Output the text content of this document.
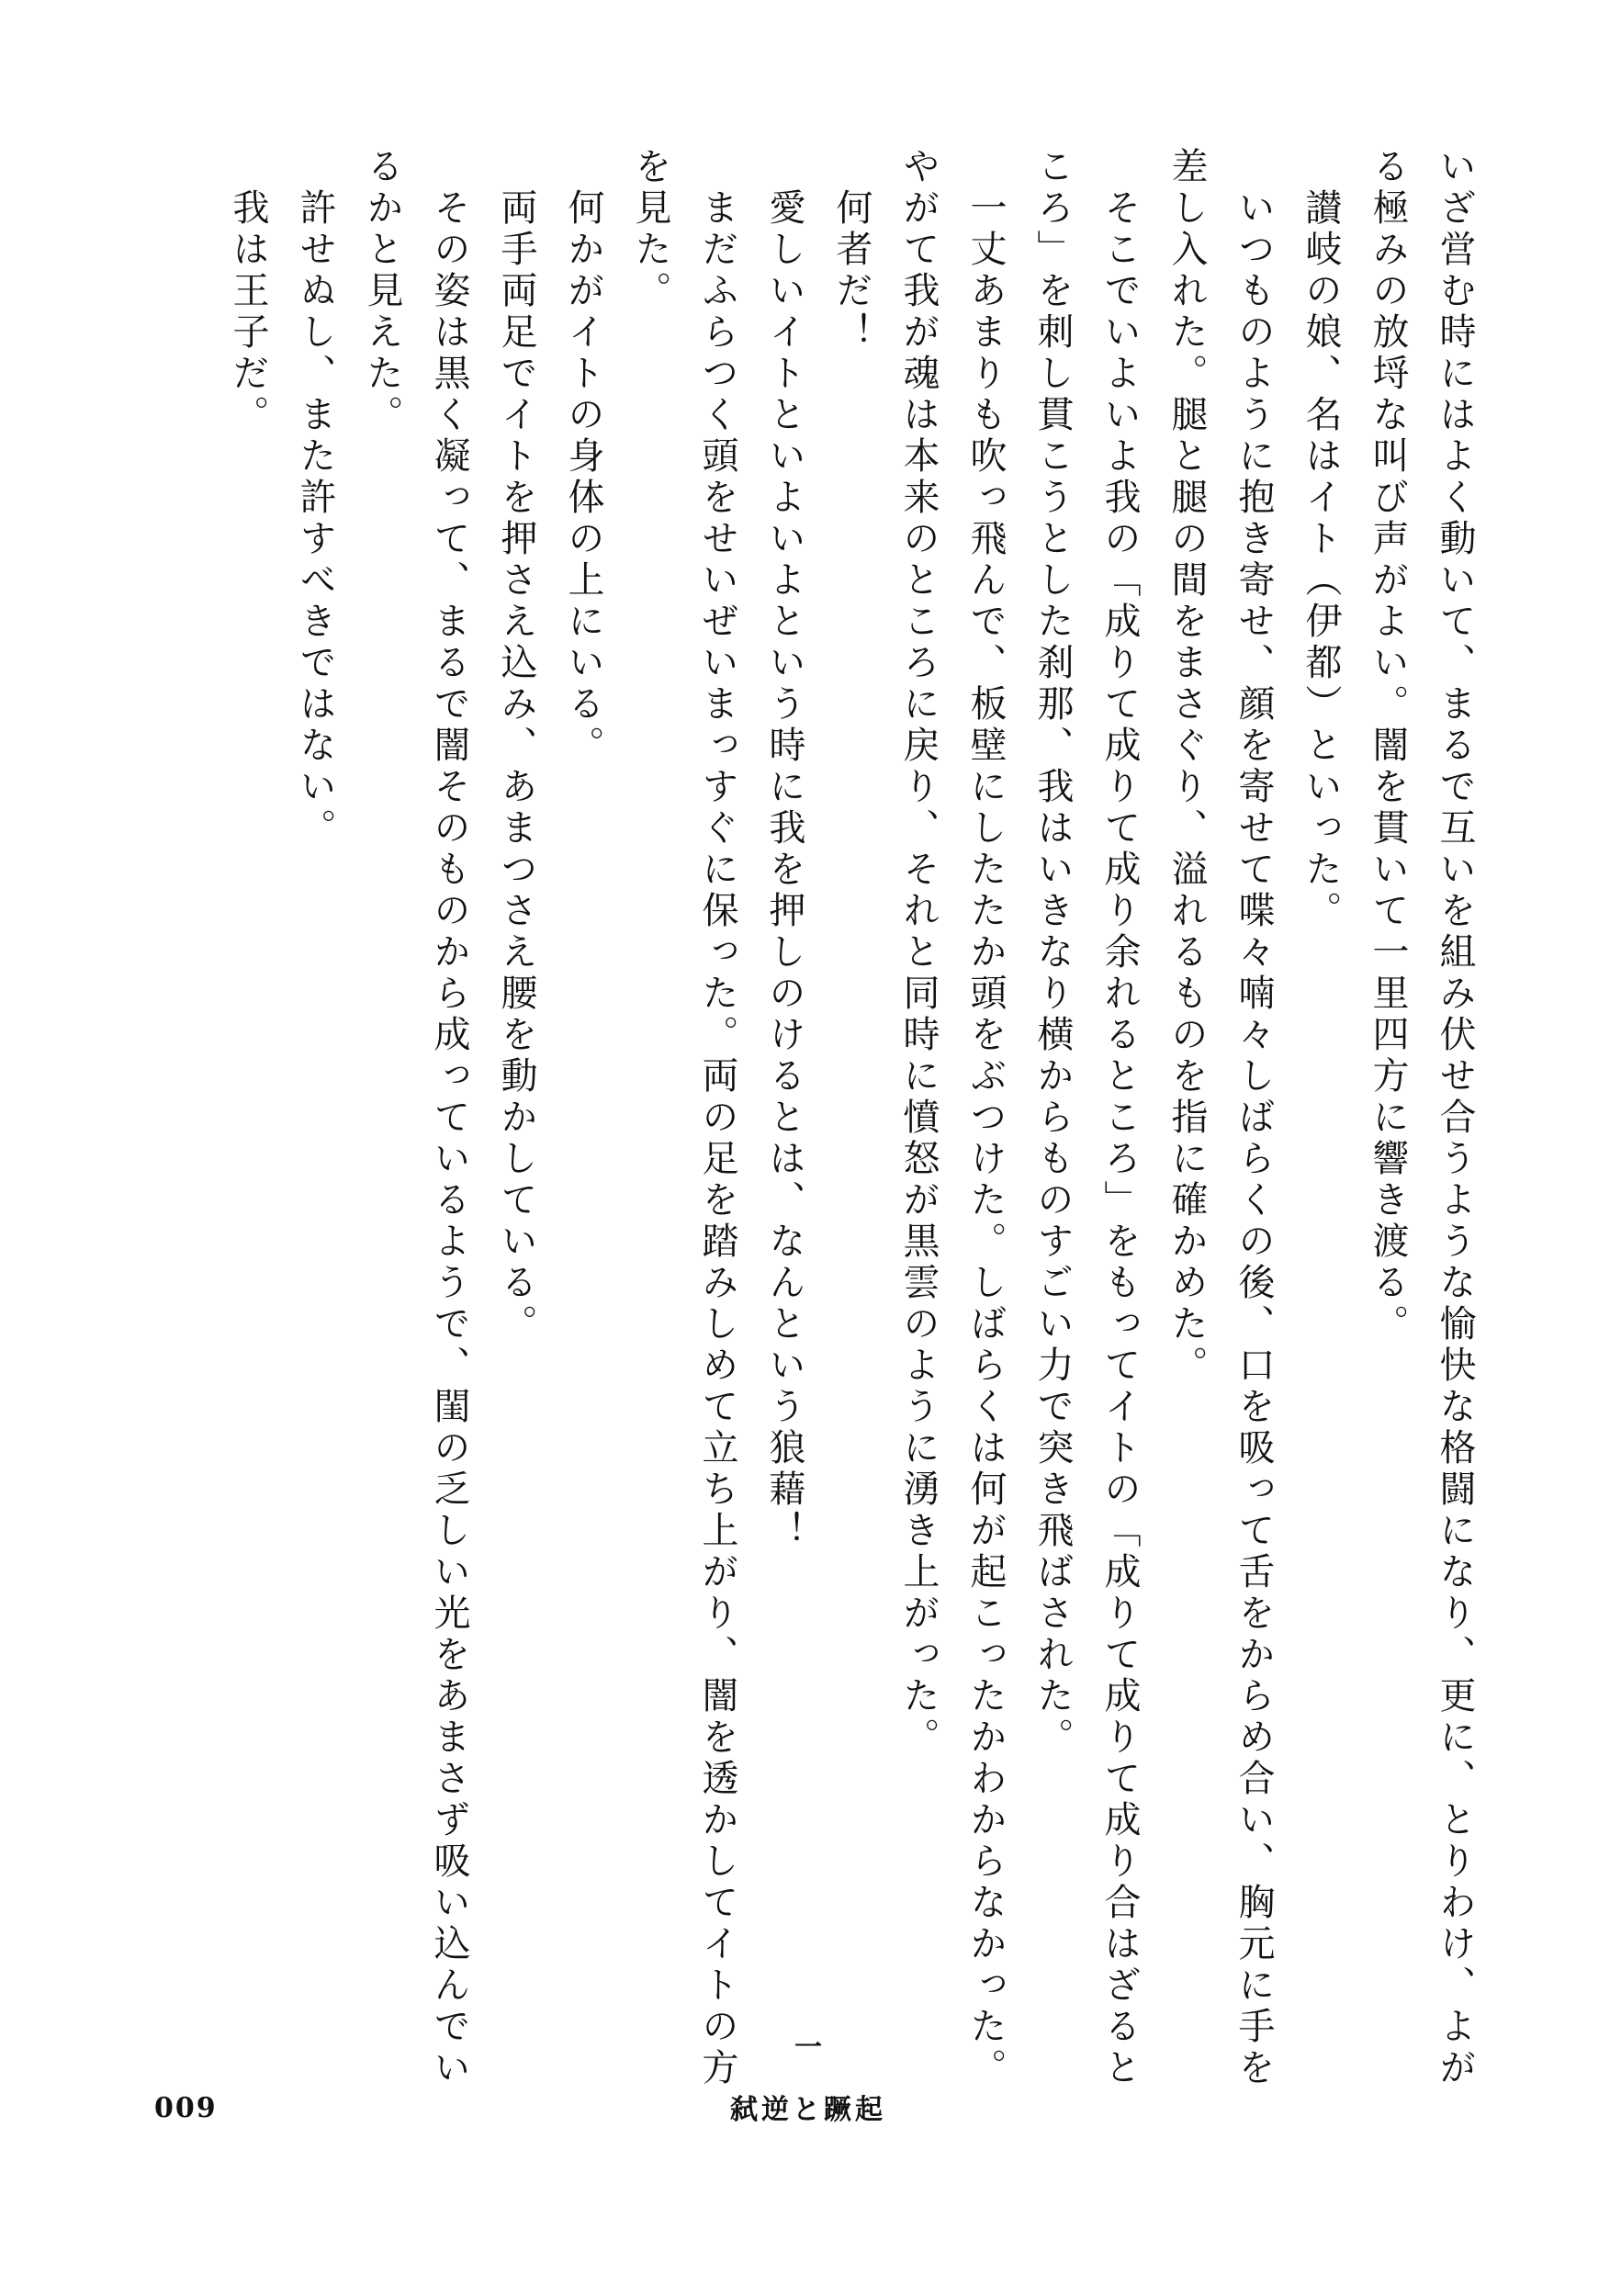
いざ営む時にはよく動いて、まるで互いを組み伏せ合うような愉快な格闘になり、更に、とりわけ、よがる極みの放埒な叫び声がよい。闇を貫いて一里四方に響き渡る。

讃岐の娘、名はイト（伊都）といった。

いつものように抱き寄せ、顔を寄せて喋々喃々しばらくの後、口を吸って舌をからめ合い、胸元に手を差し入れた。腿と腿の間をまさぐり、溢れるものを指に確かめた。

そこでいよいよ我の「成りて成りて成り余れるところ」をもってイトの「成りて成りて成り合はざるところ」を刺し貫こうとした刹那、我はいきなり横からものすごい力で突き飛ばされた。

一丈あまりも吹っ飛んで、板壁にしたたか頭をぶつけた。しばらくは何が起こったかわからなかった。やがて我が魂は本来のところに戻り、それと同時に憤怒が黒雲のように湧き上がった。

何者だ！

愛しいイトといよいよという時に我を押しのけるとは、なんという狼藉！

まだふらつく頭をせいぜいまっすぐに保った。両の足を踏みしめて立ち上がり、闇を透かしてイトの方を見た。

何かがイトの身体の上にいる。

両手両足でイトを押さえ込み、あまつさえ腰を動かしている。

その姿は黒く凝って、まるで闇そのものから成っているようで、閨の乏しい光をあまさず吸い込んでいるかと見えた。

許せぬし、また許すべきではない。

我は王子だ。

009
一
弑逆と蹶起
